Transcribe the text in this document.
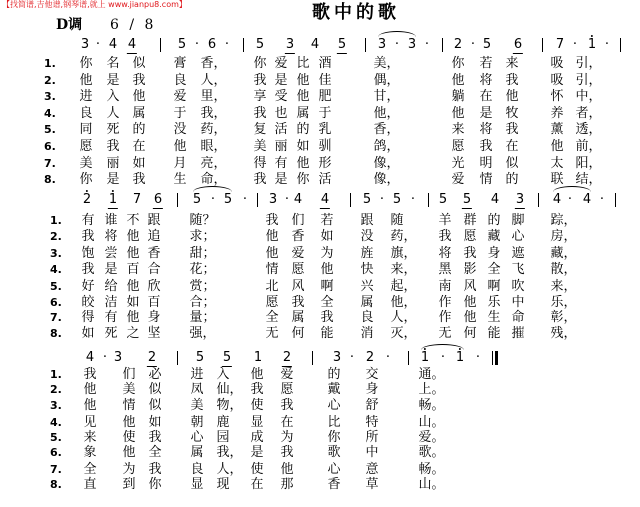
【找简谱,吉他谱,钢琴谱,就上 www.jianpu8.com】	歌中的歌
D调 6 / 8
3 · 4 4	5 · 6 · 5 3 4 5 3 · 3 · 2 · 5 6	7 · 1 ·
1. 你 名 似 膏 香， 你 爱 比 酒	美，	你 若 来 吸 引，
2. 他 是 我 良 人， 我 是 他 佳	偶，	他 将 我 吸 引，
3. 进 入 他 爱 里， 享 受 他 肥	甘，	躺 在 他 怀 中，
4. 良 人 属 于 我， 我 也 属 于	他，	他 是 牧 养 者，
5. 同 死 的 没 药， 复 活 的 乳	香，	来 将 我 薰 透，
6. 愿 我 在 他 眼， 美 丽 如 驯	鸽，	愿 我 在 他 前，
7. 美 丽 如 月 亮， 得 有 他 形	像，	光 明 似 太 阳，
8. 你 是 我 生 命， 我 是 你 活	像，	爱 情 的 联 结，
2 1 7 6 5 · 5 · 3 · 4 4	5 · 5 · 5 5 4 3 4 · 4 ·
1. 有 谁 不 跟 随？	我 们 若 跟 随	羊 群 的 脚 踪，
2. 我 将 他 追 求；	他 香 如 没 药， 我 愿 藏 心 房，
3. 饱 尝 他 香 甜；	他 爱 为 旌 旗， 将 我 身 遮 藏，
4. 我 是 百 合 花；	情 愿 他 快 来， 黑 影 全 飞 散，
5. 好 给 他 欣 赏；	北 风 啊 兴 起， 南 风 啊 吹 来，
6. 皎 洁 如 百 合；	愿 我 全 属 他， 作 他 乐 中 乐，
7. 得 有 他 身 量；	全 属 我 良 人， 作 他 生 命 彰，
8. 如 死 之 坚 强，	无 何 能 消 灭， 无 何 能 摧 残，
4 · 3 2	5 5 1 2	3 · 2 · 1 · 1 ·
1. 我 们 必 进 入 他 爱	的 交	通。
2. 他 美 似 凤 仙， 我 愿	戴 身	上。
3. 他 情 似 美 物， 使 我	心 舒	畅。
4. 见 他 如 朝 鹿 显 在	比 特	山。
5. 来 使 我 心 园 成 为	你 所	爱。
6. 象 他 全 属 我， 是 我	歌 中	歌。
7. 全 为 我 良 人， 使 他	心 意	畅。
8. 直 到 你 显 现 在 那	香 草	山。
